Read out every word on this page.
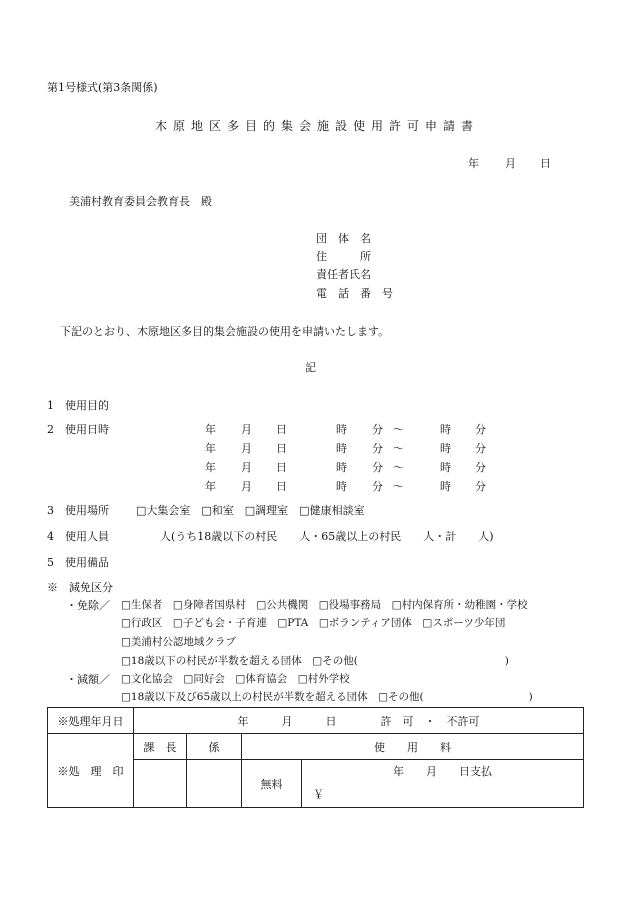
第1号様式(第3条関係)
木原地区多目的集会施設使用許可申請書
年 月 日
美浦村教育委員会教育長　殿
団　体　名
住　　　所
責任者氏名
電　話　番　号
下記のとおり、木原地区多目的集会施設の使用を申請いたします。
記
1　使用目的
2　使用日時	年 月 日	時 分 〜	時 分
年 月 日	時 分 〜	時 分
年 月 日	時 分 〜	時 分
年 月 日	時 分 〜	時 分
3　使用場所 □大集会室　□和室　□調理室　□健康相談室
4　使用人員	人(うち18歳以下の村民　　人・65歳以上の村民　　人・計　　人)
5　使用備品
※　減免区分
・免除／ □生保者　□身障者国県村　□公共機関　□役場事務局　□村内保育所・幼稚園・学校
□行政区　□子ども会・子育連　□PTA　□ボランティア団体　□スポーツ少年団
□美浦村公認地域クラブ
□18歳以下の村民が半数を超える団体　□その他(　　　　　　　　　　　　　　)
・減額／ □文化協会　□同好会　□体育協会　□村外学校
□18歳以下及び65歳以上の村民が半数を超える団体　□その他(　　　　　　　　　　)
※処理年月日	年　　　月　　　日　　　　許　可　・　不許可			
※処　理　印	課　長	係	使　　用　　料	
			無料	年　　月　　日支払
				￥
